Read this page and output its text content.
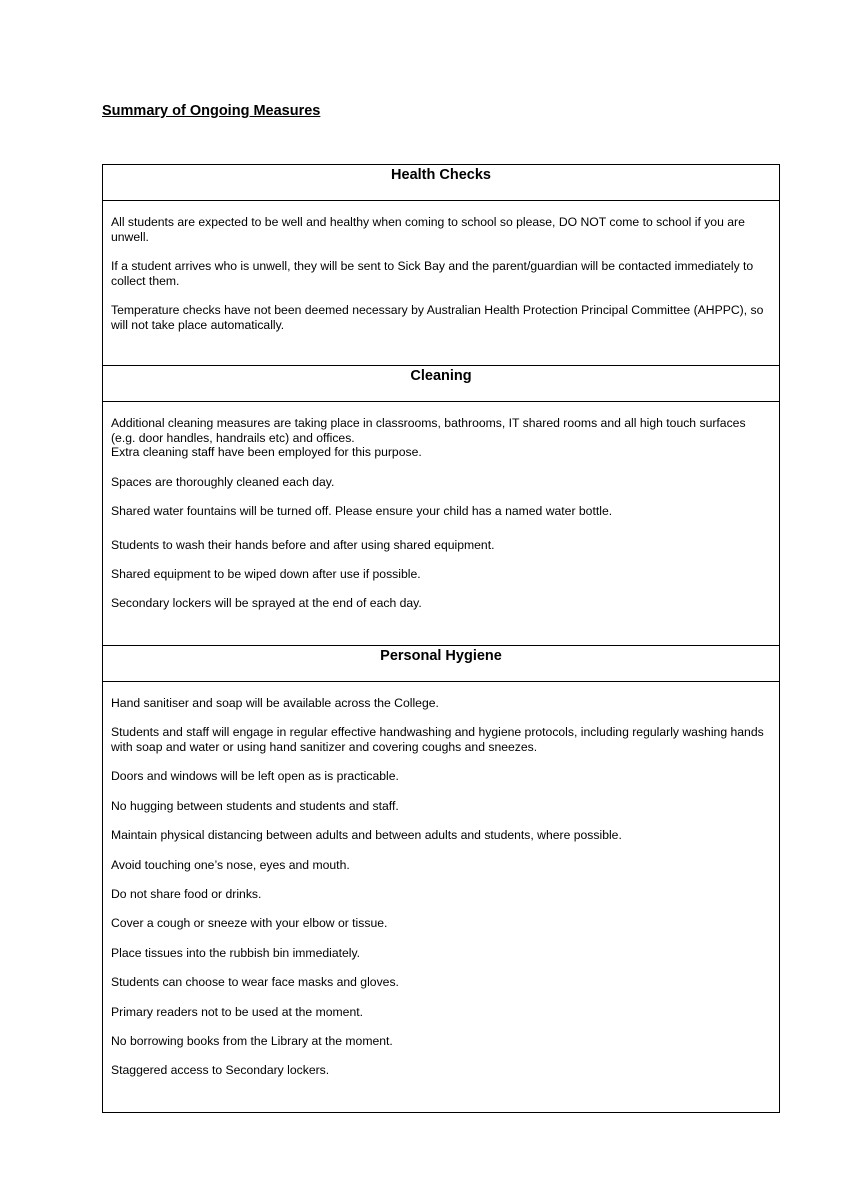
Summary of Ongoing Measures
Health Checks

All students are expected to be well and healthy when coming to school so please, DO NOT come to school if you are unwell.

If a student arrives who is unwell, they will be sent to Sick Bay and the parent/guardian will be contacted immediately to collect them.

Temperature checks have not been deemed necessary by Australian Health Protection Principal Committee (AHPPC), so will not take place automatically.

Cleaning

Additional cleaning measures are taking place in classrooms, bathrooms, IT shared rooms and all high touch surfaces (e.g. door handles, handrails etc) and offices.

Extra cleaning staff have been employed for this purpose.

Spaces are thoroughly cleaned each day.

Shared water fountains will be turned off. Please ensure your child has a named water bottle.

Students to wash their hands before and after using shared equipment.

Shared equipment to be wiped down after use if possible.

Secondary lockers will be sprayed at the end of each day.

Personal Hygiene

Hand sanitiser and soap will be available across the College.

Students and staff will engage in regular effective handwashing and hygiene protocols, including regularly washing hands with soap and water or using hand sanitizer and covering coughs and sneezes.

Doors and windows will be left open as is practicable.

No hugging between students and students and staff.

Maintain physical distancing between adults and between adults and students, where possible.

Avoid touching one’s nose, eyes and mouth.

Do not share food or drinks.

Cover a cough or sneeze with your elbow or tissue.

Place tissues into the rubbish bin immediately.

Students can choose to wear face masks and gloves.

Primary readers not to be used at the moment.

No borrowing books from the Library at the moment.

Staggered access to Secondary lockers.
